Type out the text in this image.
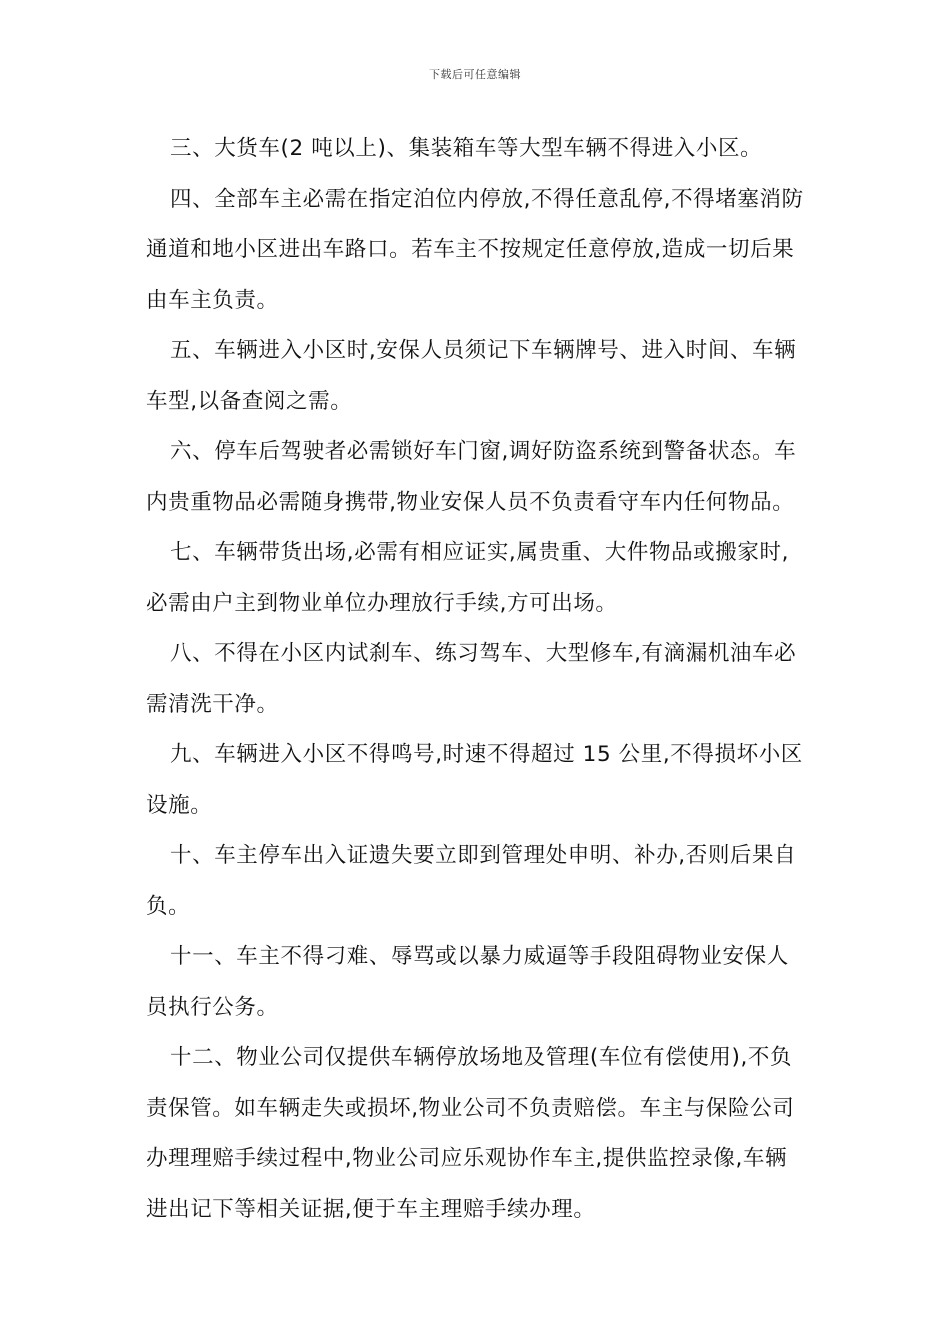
下载后可任意编辑

三、大货车(2 吨以上)、集装箱车等大型车辆不得进入小区。

四、全部车主必需在指定泊位内停放,不得任意乱停,不得堵塞消防
通道和地小区进出车路口。若车主不按规定任意停放,造成一切后果
由车主负责。

五、车辆进入小区时,安保人员须记下车辆牌号、进入时间、车辆
车型,以备查阅之需。

六、停车后驾驶者必需锁好车门窗,调好防盗系统到警备状态。车
内贵重物品必需随身携带,物业安保人员不负责看守车内任何物品。

七、车辆带货出场,必需有相应证实,属贵重、大件物品或搬家时,
必需由户主到物业单位办理放行手续,方可出场。

八、不得在小区内试刹车、练习驾车、大型修车,有滴漏机油车必
需清洗干净。

九、车辆进入小区不得鸣号,时速不得超过 15 公里,不得损坏小区
设施。

十、车主停车出入证遗失要立即到管理处申明、补办,否则后果自
负。

十一、车主不得刁难、辱骂或以暴力威逼等手段阻碍物业安保人
员执行公务。

十二、物业公司仅提供车辆停放场地及管理(车位有偿使用),不负
责保管。如车辆走失或损坏,物业公司不负责赔偿。车主与保险公司
办理理赔手续过程中,物业公司应乐观协作车主,提供监控录像,车辆
进出记下等相关证据,便于车主理赔手续办理。
